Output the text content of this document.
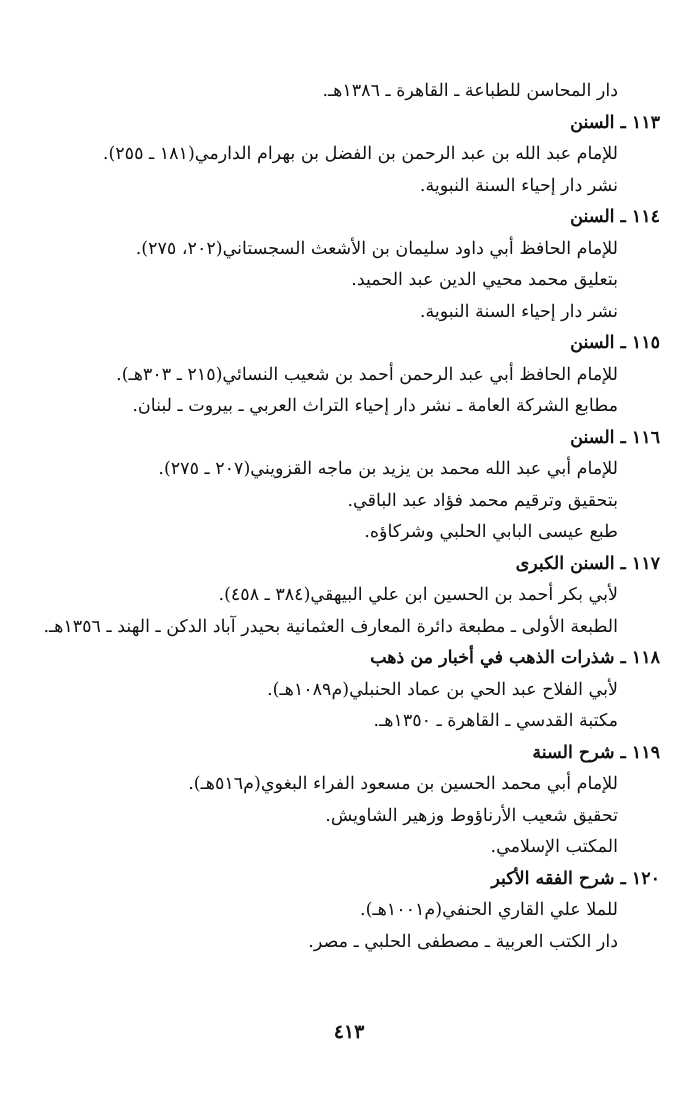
دار المحاسن للطباعة ـ القاهرة ـ ١٣٨٦هـ.
١١٣ ـالسنن
للإمام عبد الله بن عبد الرحمن بن الفضل بن بهرام الدارمي(١٨١ ـ ٢٥٥).
نشر دار إحياء السنة النبوية.
١١٤ ـالسنن
للإمام الحافظ أبي داود سليمان بن الأشعث السجستاني(٢٠٢، ٢٧٥).
بتعليق محمد محيي الدين عبد الحميد.
نشر دار إحياء السنة النبوية.
١١٥ ـالسنن
للإمام الحافظ أبي عبد الرحمن أحمد بن شعيب النسائي(٢١٥ ـ ٣٠٣هـ).
مطابع الشركة العامة ـ نشر دار إحياء التراث العربي ـ بيروت ـ لبنان.
١١٦ ـالسنن
للإمام أبي عبد الله محمد بن يزيد بن ماجه القزويني(٢٠٧ ـ ٢٧٥).
بتحقيق وترقيم محمد فؤاد عبد الباقي.
طبع عيسى البابي الحلبي وشركاؤه.
١١٧ ـالسنن الكبرى
لأبي بكر أحمد بن الحسين ابن علي البيهقي(٣٨٤ ـ ٤٥٨).
الطبعة الأولى ـ مطبعة دائرة المعارف العثمانية بحيدر آباد الدكن ـ الهند ـ ١٣٥٦هـ.
١١٨ ـشذرات الذهب في أخبار من ذهب
لأبي الفلاح عبد الحي بن عماد الحنبلي(م١٠٨٩هـ).
مكتبة القدسي ـ القاهرة ـ ١٣٥٠هـ.
١١٩ ـشرح السنة
للإمام أبي محمد الحسين بن مسعود الفراء البغوي(م٥١٦هـ).
تحقيق شعيب الأرناؤوط وزهير الشاويش.
المكتب الإسلامي.
١٢٠ ـشرح الفقه الأكبر
للملا علي القاري الحنفي(م١٠٠١هـ).
دار الكتب العربية ـ مصطفى الحلبي ـ مصر.
٤١٣
